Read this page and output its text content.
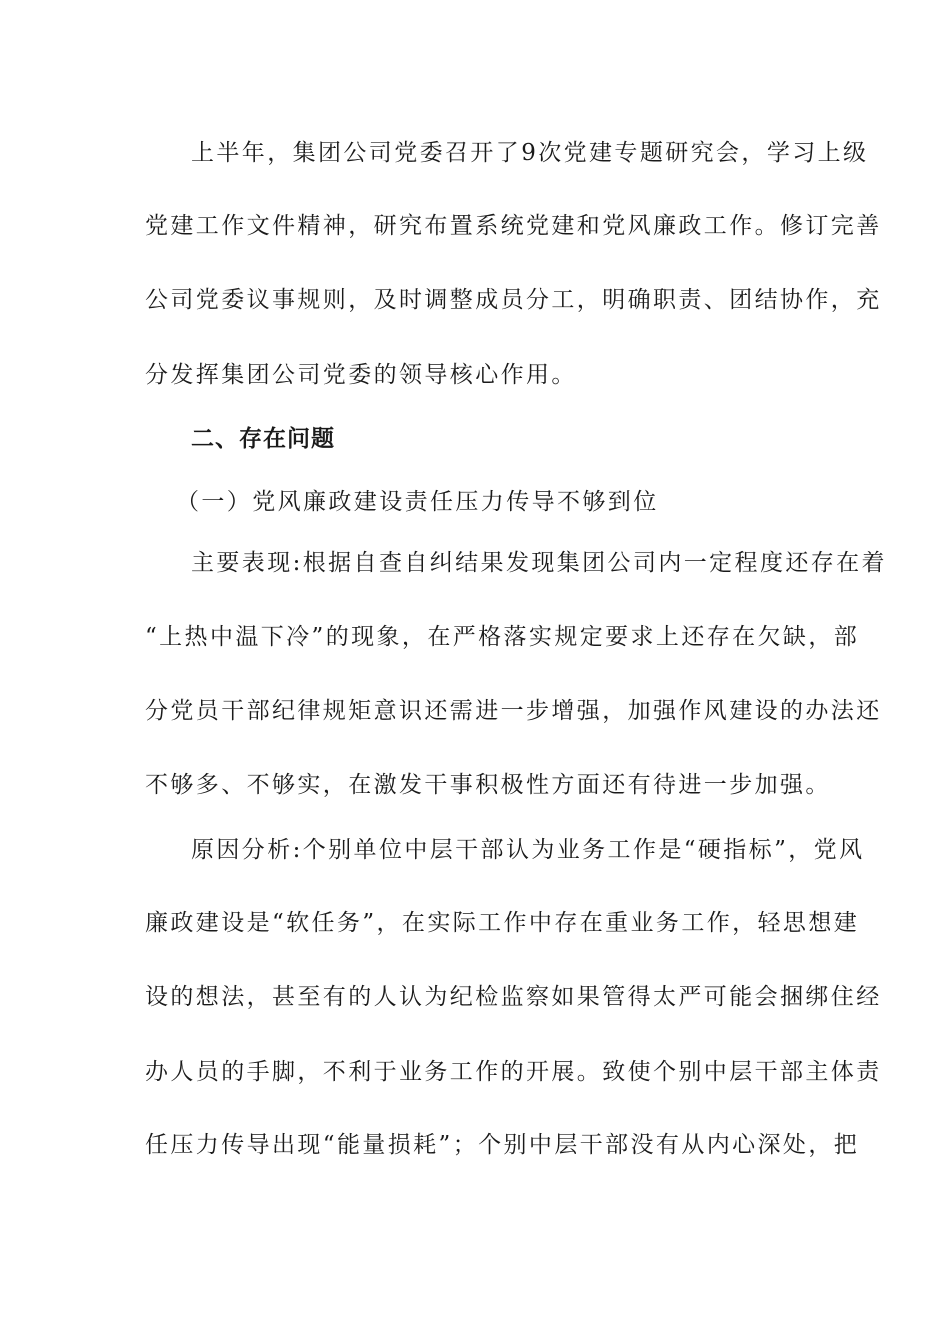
上半年，集团公司党委召开了9次党建专题研究会，学习上级
党建工作文件精神，研究布置系统党建和党风廉政工作。修订完善
公司党委议事规则，及时调整成员分工，明确职责、团结协作，充
分发挥集团公司党委的领导核心作用。
二、存在问题
（一）党风廉政建设责任压力传导不够到位
主要表现:根据自查自纠结果发现集团公司内一定程度还存在着
“上热中温下冷”的现象，在严格落实规定要求上还存在欠缺，部
分党员干部纪律规矩意识还需进一步增强，加强作风建设的办法还
不够多、不够实，在激发干事积极性方面还有待进一步加强。
原因分析:个别单位中层干部认为业务工作是“硬指标”，党风
廉政建设是“软任务”，在实际工作中存在重业务工作，轻思想建
设的想法，甚至有的人认为纪检监察如果管得太严可能会捆绑住经
办人员的手脚，不利于业务工作的开展。致使个别中层干部主体责
任压力传导出现“能量损耗”；个别中层干部没有从内心深处，把
